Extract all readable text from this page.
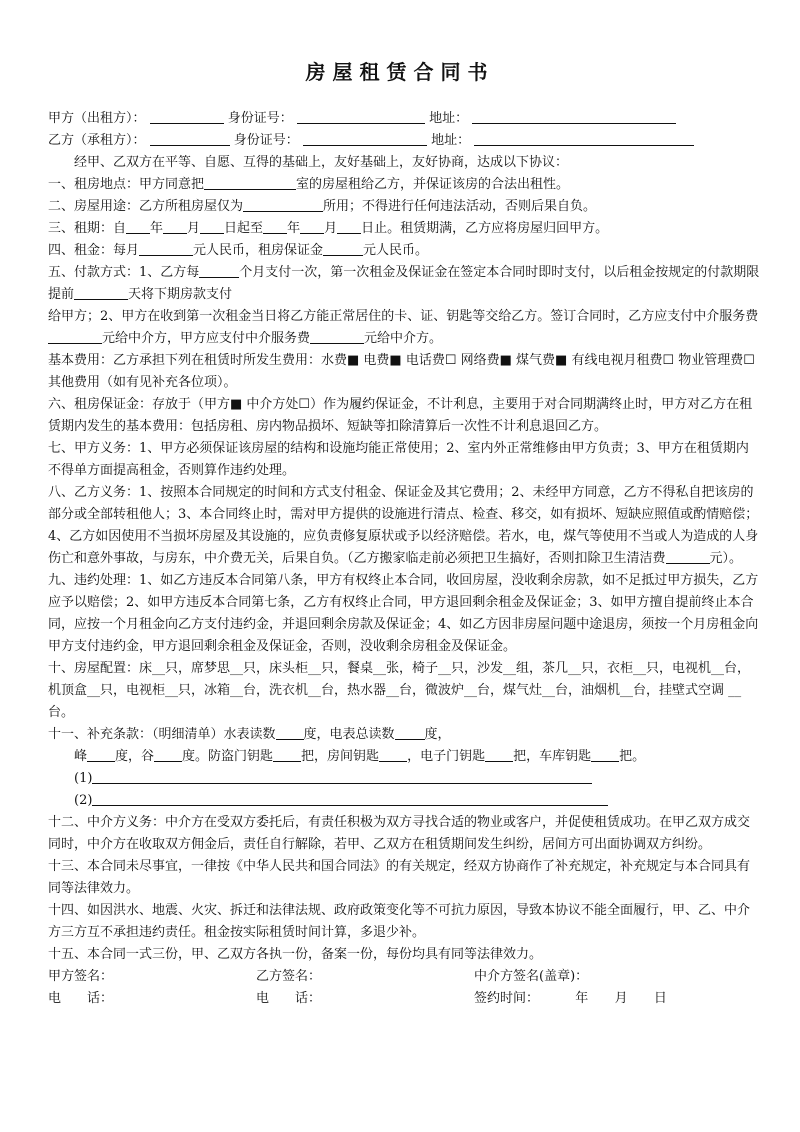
房屋租赁合同书
甲方（出租方）：	身份证号：	地址：
乙方（承租方）：	身份证号：	地址：
经甲、乙双方在平等、自愿、互得的基础上，友好基础上，友好协商，达成以下协议：
一、租房地点：甲方同意把	室的房屋租给乙方，并保证该房的合法出租性。
二、房屋用途：乙方所租房屋仅为	所用；不得进行任何违法活动，否则后果自负。
三、租期：自 年 月 日起至 年 月 日止。租赁期满，乙方应将房屋归回甲方。
四、租金：每月	元人民币，租房保证金	元人民币。
五、付款方式：1、乙方每	个月支付一次，第一次租金及保证金在签定本合同时即时支付，以后租金按规定的付款期限提前	天将下期房款支付
给甲方；2、甲方在收到第一次租金当日将乙方能正常居住的卡、证、钥匙等交给乙方。签订合同时，乙方应支付中介服务费元给中介方，甲方应支付中介服务费	元给中介方。
基本费用：乙方承担下列在租赁时所发生费用：水费■ 电费■ 电话费☐ 网络费■ 煤气费■ 有线电视月租费☐ 物业管理费☐ 其他费用（如有见补充各位项）。
六、租房保证金：存放于（甲方■ 中介方处☐）作为履约保证金，不计利息，主要用于对合同期满终止时，甲方对乙方在租赁期内发生的基本费用：包括房租、房内物品损坏、短缺等扣除清算后一次性不计利息退回乙方。
七、甲方义务：1、甲方必须保证该房屋的结构和设施均能正常使用；2、室内外正常维修由甲方负责；3、甲方在租赁期内不得单方面提高租金，否则算作违约处理。
八、乙方义务：1、按照本合同规定的时间和方式支付租金、保证金及其它费用；2、未经甲方同意，乙方不得私自把该房的部分或全部转租他人；3、本合同终止时，需对甲方提供的设施进行清点、检查、移交，如有损坏、短缺应照值或酌情赔偿；4、乙方如因使用不当损坏房屋及其设施的，应负责修复原状或予以经济赔偿。若水，电，煤气等使用不当或人为造成的人身伤亡和意外事故，与房东，中介费无关，后果自负。（乙方搬家临走前必须把卫生搞好，否则扣除卫生清洁费	元）。
九、违约处理：1、如乙方违反本合同第八条，甲方有权终止本合同，收回房屋，没收剩余房款，如不足抵过甲方损失，乙方应予以赔偿；2、如甲方违反本合同第七条，乙方有权终止合同，甲方退回剩余租金及保证金；3、如甲方擅自提前终止本合同，应按一个月租金向乙方支付违约金，并退回剩余房款及保证金；4、如乙方因非房屋问题中途退房，须按一个月房租金向甲方支付违约金，甲方退回剩余租金及保证金，否则，没收剩余房租金及保证金。
十、房屋配置：床__只，席梦思__只，床头柜__只，餐桌__张，椅子__只，沙发__组，茶几__只，衣柜__只，电视机__台，机顶盒__只，电视柜__只，冰箱__台，洗衣机__台，热水器__台，微波炉__台，煤气灶__台，油烟机__台，挂壁式空调 __台。
十一、补充条款：（明细清单）水表读数 度，电表总读数 度，
峰 度，谷 度。防盗门钥匙 把，房间钥匙 ，电子门钥匙 把，车库钥匙 把。
(1)
(2)
十二、中介方义务：中介方在受双方委托后，有责任积极为双方寻找合适的物业或客户，并促使租赁成功。在甲乙双方成交同时，中介方在收取双方佣金后，责任自行解除，若甲、乙双方在租赁期间发生纠纷，居间方可出面协调双方纠纷。
十三、本合同未尽事宜，一律按《中华人民共和国合同法》的有关规定，经双方协商作了补充规定，补充规定与本合同具有同等法律效力。
十四、如因洪水、地震、火灾、拆迁和法律法规、政府政策变化等不可抗力原因，导致本协议不能全面履行，甲、乙、中介方三方互不承担违约责任。租金按实际租赁时间计算，多退少补。
十五、本合同一式三份，甲、乙双方各执一份，备案一份，每份均具有同等法律效力。
甲方签名：	乙方签名：	中介方签名(盖章)：
电　　话：	电　　话：	签约时间：	年 月 日
